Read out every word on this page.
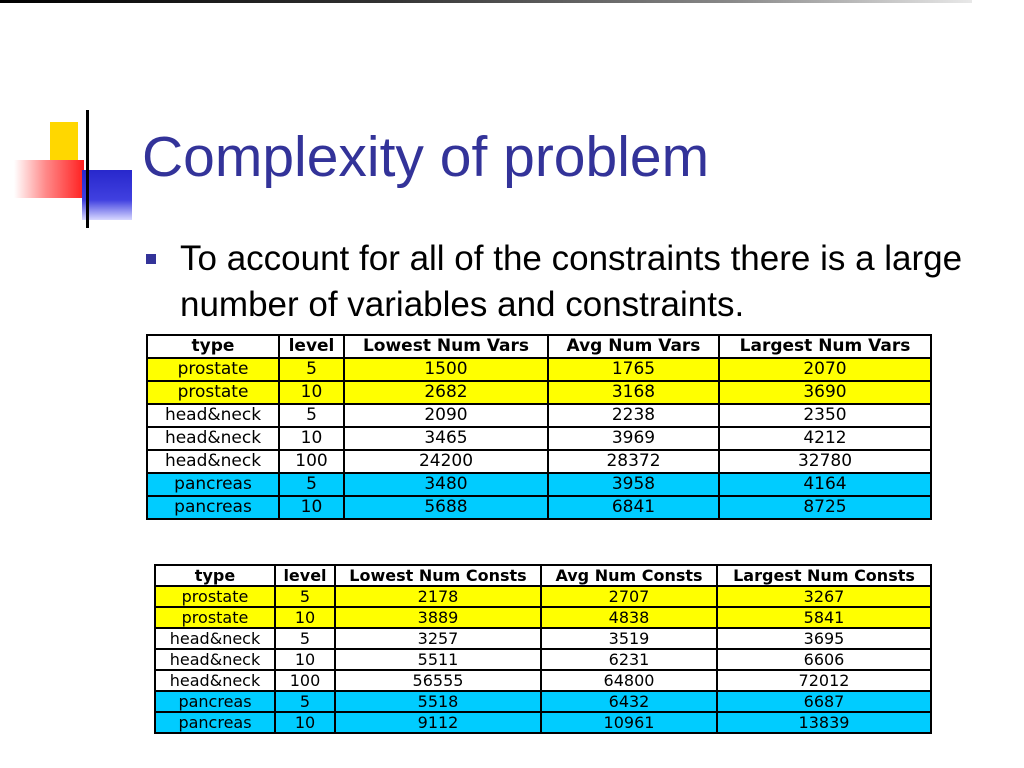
Complexity of problem

To account for all of the constraints there is a large number of variables and constraints.

type	level	Lowest Num Vars	Avg Num Vars	Largest Num Vars
prostate	5	1500	1765	2070
prostate	10	2682	3168	3690
head&neck	5	2090	2238	2350
head&neck	10	3465	3969	4212
head&neck	100	24200	28372	32780
pancreas	5	3480	3958	4164
pancreas	10	5688	6841	8725
type	level	Lowest Num Consts	Avg Num Consts	Largest Num Consts
prostate	5	2178	2707	3267
prostate	10	3889	4838	5841
head&neck	5	3257	3519	3695
head&neck	10	5511	6231	6606
head&neck	100	56555	64800	72012
pancreas	5	5518	6432	6687
pancreas	10	9112	10961	13839
